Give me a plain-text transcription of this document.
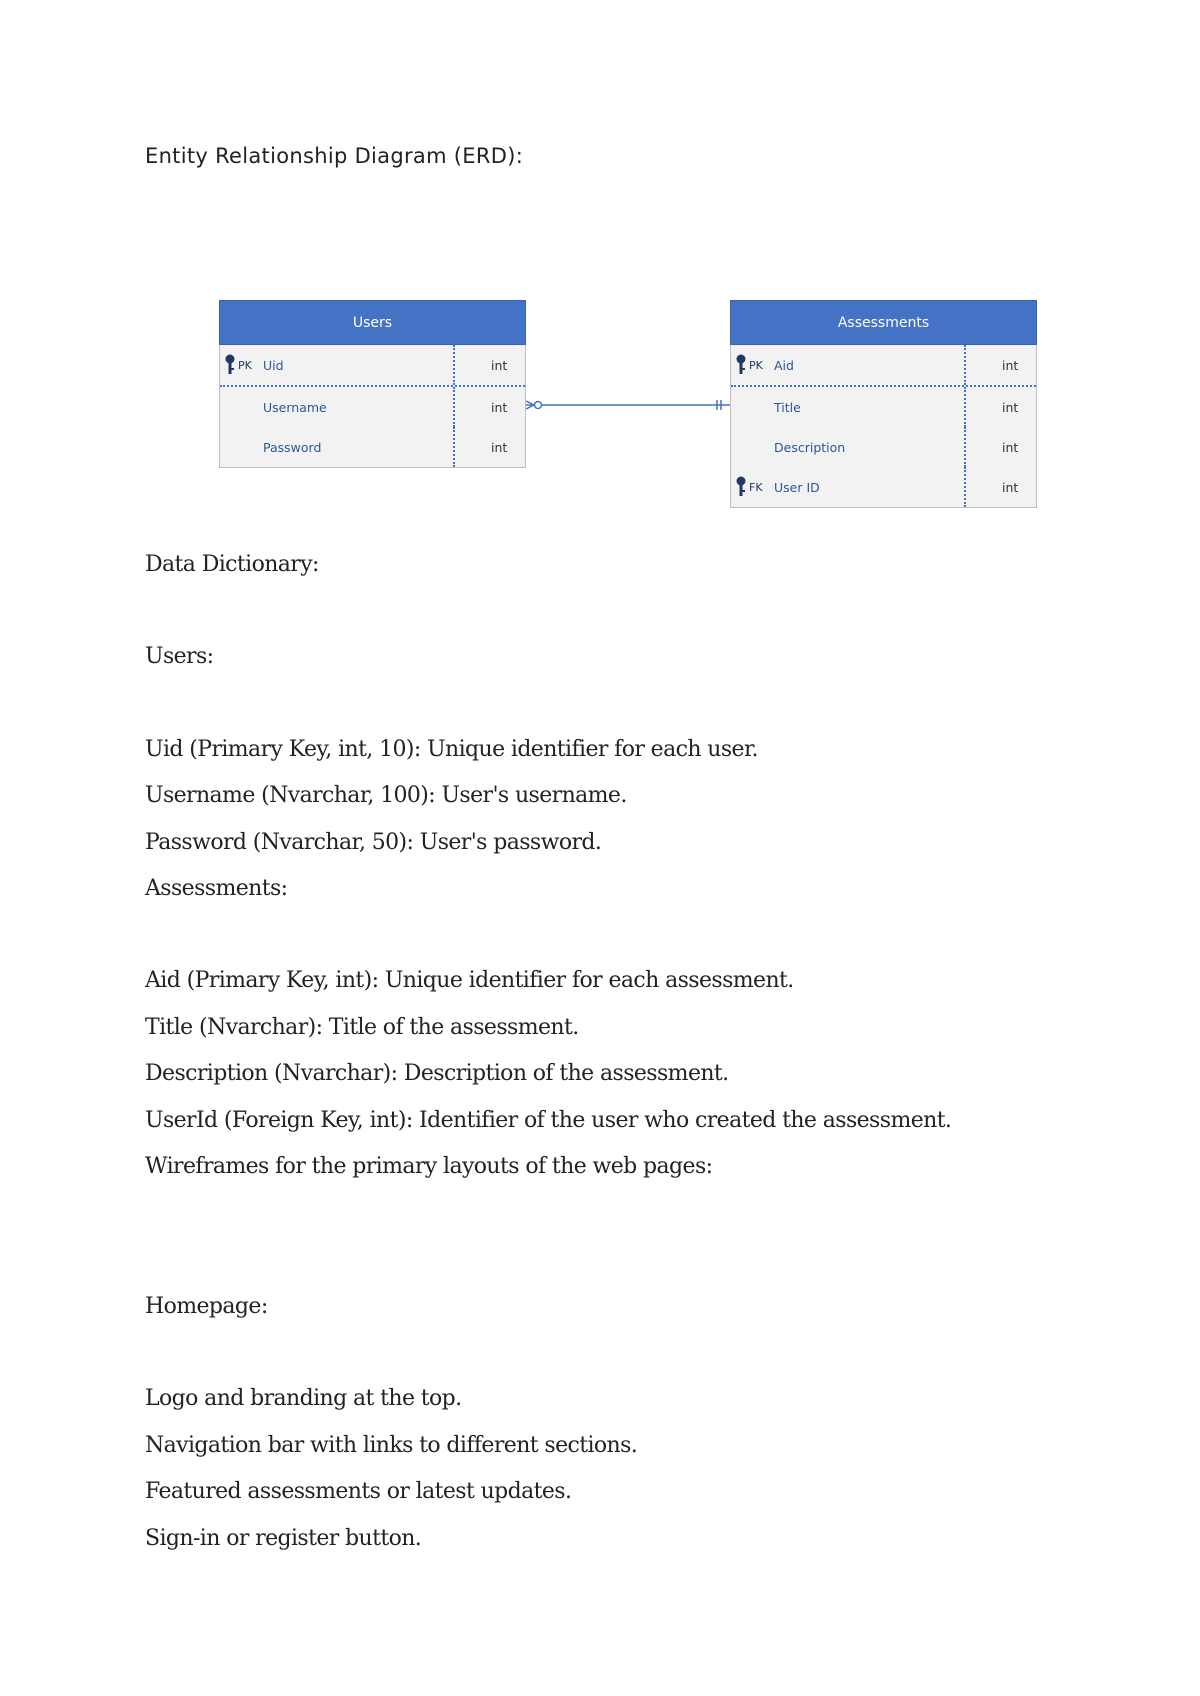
Entity Relationship Diagram (ERD):

Users
PK Uid	int
Username	int
Password	int
Assessments
PK Aid	int
Title	int
Description	int
FK User ID	int

Data Dictionary:

Users:

Uid (Primary Key, int, 10): Unique identifier for each user.

Username (Nvarchar, 100): User's username.

Password (Nvarchar, 50): User's password.

Assessments:

Aid (Primary Key, int): Unique identifier for each assessment.

Title (Nvarchar): Title of the assessment.

Description (Nvarchar): Description of the assessment.

UserId (Foreign Key, int): Identifier of the user who created the assessment.

Wireframes for the primary layouts of the web pages:

Homepage:

Logo and branding at the top.

Navigation bar with links to different sections.

Featured assessments or latest updates.

Sign-in or register button.
